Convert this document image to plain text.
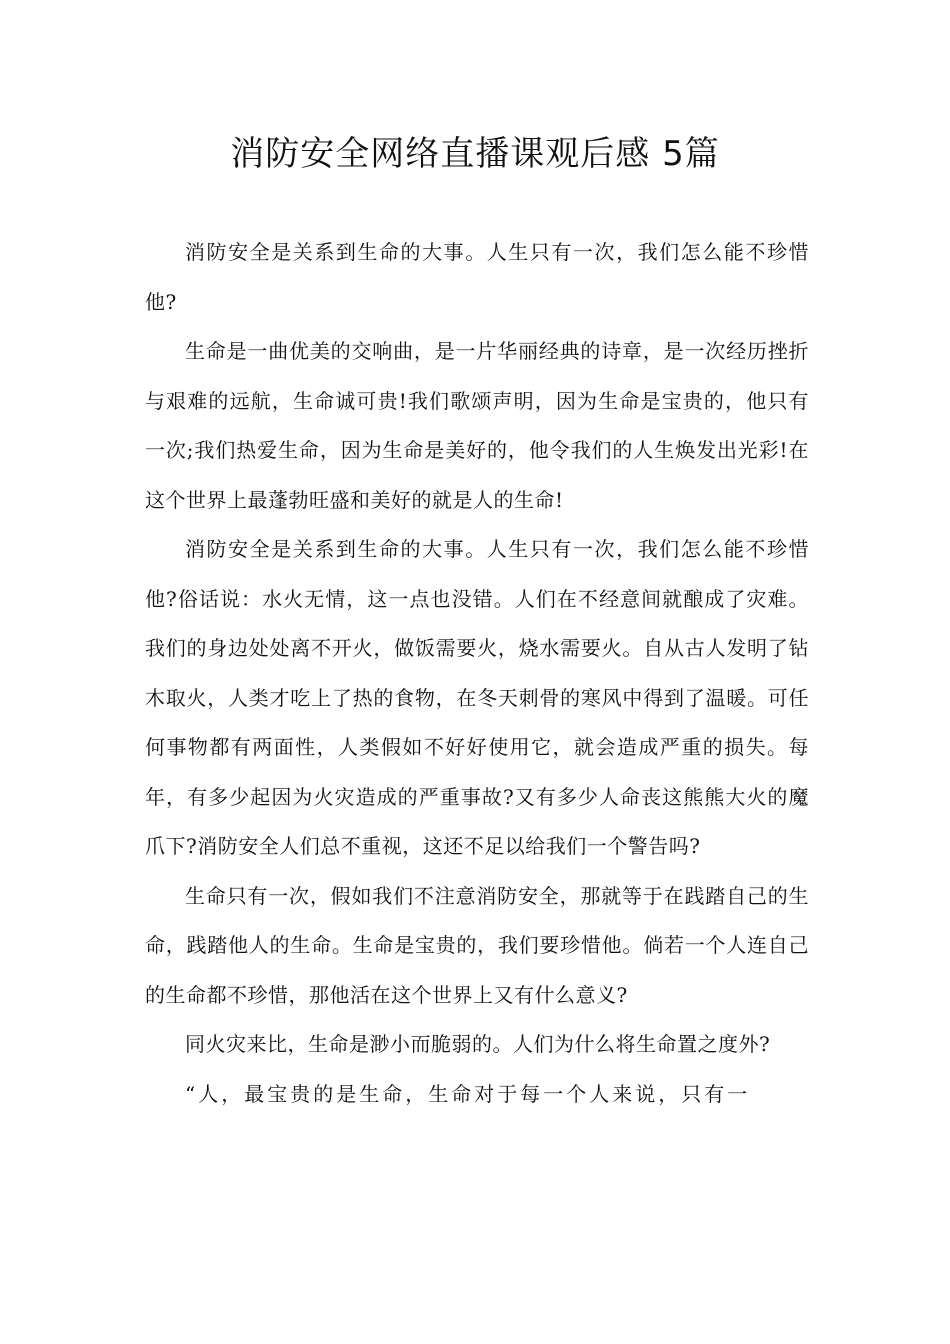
消防安全网络直播课观后感 5篇

消防安全是关系到生命的大事。人生只有一次，我们怎么能不珍惜他?

生命是一曲优美的交响曲，是一片华丽经典的诗章，是一次经历挫折与艰难的远航，生命诚可贵!我们歌颂声明，因为生命是宝贵的，他只有一次;我们热爱生命，因为生命是美好的，他令我们的人生焕发出光彩!在这个世界上最蓬勃旺盛和美好的就是人的生命!

消防安全是关系到生命的大事。人生只有一次，我们怎么能不珍惜他?俗话说：水火无情，这一点也没错。人们在不经意间就酿成了灾难。我们的身边处处离不开火，做饭需要火，烧水需要火。自从古人发明了钻木取火，人类才吃上了热的食物，在冬天刺骨的寒风中得到了温暖。可任何事物都有两面性，人类假如不好好使用它，就会造成严重的损失。每年，有多少起因为火灾造成的严重事故?又有多少人命丧这熊熊大火的魔爪下?消防安全人们总不重视，这还不足以给我们一个警告吗?

生命只有一次，假如我们不注意消防安全，那就等于在践踏自己的生命，践踏他人的生命。生命是宝贵的，我们要珍惜他。倘若一个人连自己的生命都不珍惜，那他活在这个世界上又有什么意义?

同火灾来比，生命是渺小而脆弱的。人们为什么将生命置之度外?

“人，最宝贵的是生命，生命对于每一个人来说，只有一
